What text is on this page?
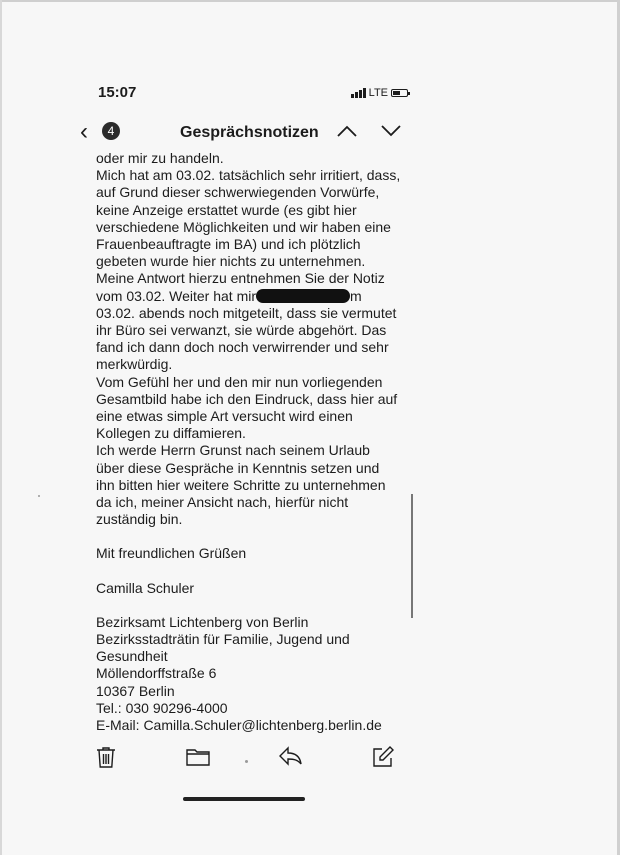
15:07	LTE
‹	4	Gesprächsnotizen

oder mir zu handeln.

Mich hat am 03.02. tatsächlich sehr irritiert, dass,

auf Grund dieser schwerwiegenden Vorwürfe,

keine Anzeige erstattet wurde (es gibt hier

verschiedene Möglichkeiten und wir haben eine

Frauenbeauftragte im BA) und ich plötzlich

gebeten wurde hier nichts zu unternehmen.

Meine Antwort hierzu entnehmen Sie der Notiz

vom 03.02. Weiter hat mir	m

03.02. abends noch mitgeteilt, dass sie vermutet

ihr Büro sei verwanzt, sie würde abgehört. Das

fand ich dann doch noch verwirrender und sehr

merkwürdig.

Vom Gefühl her und den mir nun vorliegenden

Gesamtbild habe ich den Eindruck, dass hier auf

eine etwas simple Art versucht wird einen

Kollegen zu diffamieren.

Ich werde Herrn Grunst nach seinem Urlaub

über diese Gespräche in Kenntnis setzen und

ihn bitten hier weitere Schritte zu unternehmen

da ich, meiner Ansicht nach, hierfür nicht

zuständig bin.

Mit freundlichen Grüßen

Camilla Schuler

Bezirksamt Lichtenberg von Berlin

Bezirksstadträtin für Familie, Jugend und

Gesundheit

Möllendorffstraße 6

10367 Berlin

Tel.: 030 90296-4000

E-Mail: Camilla.Schuler@lichtenberg.berlin.de
